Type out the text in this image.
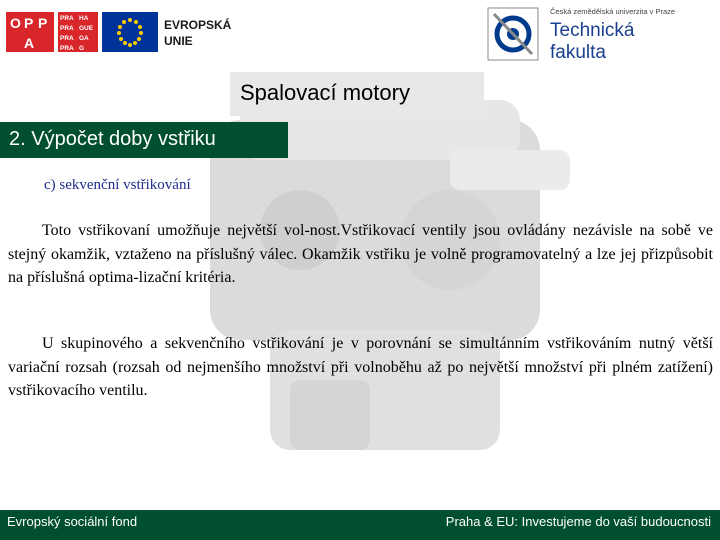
O P P
A
PRA HA
PRA GUE
PRA GA
PRA G
EVROPSKÁ
UNIE
Česká zemědělská univerzita v Praze
Technická
fakulta
Spalovací motory
2. Výpočet doby vstřiku
c) sekvenční vstřikování

Toto vstřikovaní umožňuje největší vol-nost.Vstřikovací ventily jsou ovládány nezávisle na sobě ve stejný okamžik, vztaženo na příslušný válec. Okamžik vstřiku je volně programovatelný a lze jej přizpůsobit na příslušná optima-lizační kritéria.

U skupinového a sekvenčního vstřikování je v porovnání se simultánním vstřikováním nutný větší variační rozsah (rozsah od nejmenšího množství při volnoběhu až po největší množství při plném zatížení) vstřikovacího ventilu.

Evropský sociální fond	Praha & EU: Investujeme do vaší budoucnosti
